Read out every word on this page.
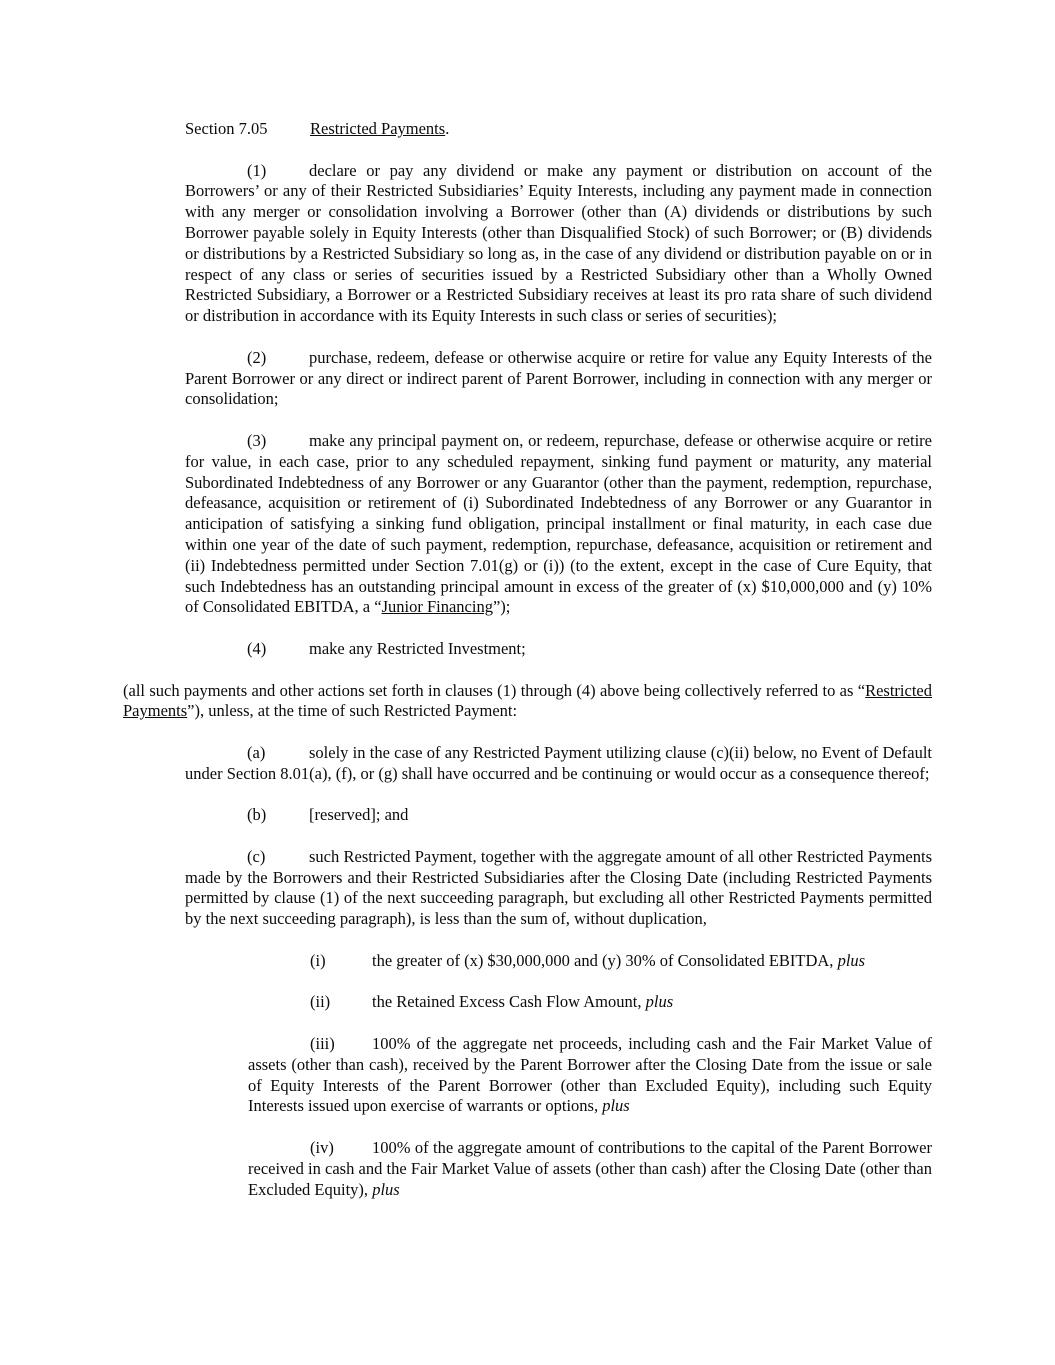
Section 7.05	Restricted Payments.

(1)	declare or pay any dividend or make any payment or distribution on account of the Borrowers’ or any of their Restricted Subsidiaries’ Equity Interests, including any payment made in connection with any merger or consolidation involving a Borrower (other than (A) dividends or distributions by such Borrower payable solely in Equity Interests (other than Disqualified Stock) of such Borrower; or (B) dividends or distributions by a Restricted Subsidiary so long as, in the case of any dividend or distribution payable on or in respect of any class or series of securities issued by a Restricted Subsidiary other than a Wholly Owned Restricted Subsidiary, a Borrower or a Restricted Subsidiary receives at least its pro rata share of such dividend or distribution in accordance with its Equity Interests in such class or series of securities);

(2)	purchase, redeem, defease or otherwise acquire or retire for value any Equity Interests of the Parent Borrower or any direct or indirect parent of Parent Borrower, including in connection with any merger or consolidation;

(3)	make any principal payment on, or redeem, repurchase, defease or otherwise acquire or retire for value, in each case, prior to any scheduled repayment, sinking fund payment or maturity, any material Subordinated Indebtedness of any Borrower or any Guarantor (other than the payment, redemption, repurchase, defeasance, acquisition or retirement of (i) Subordinated Indebtedness of any Borrower or any Guarantor in anticipation of satisfying a sinking fund obligation, principal installment or final maturity, in each case due within one year of the date of such payment, redemption, repurchase, defeasance, acquisition or retirement and (ii) Indebtedness permitted under Section 7.01(g) or (i)) (to the extent, except in the case of Cure Equity, that such Indebtedness has an outstanding principal amount in excess of the greater of (x) $10,000,000 and (y) 10% of Consolidated EBITDA, a “Junior Financing”);

(4)	make any Restricted Investment;

(all such payments and other actions set forth in clauses (1) through (4) above being collectively referred to as “Restricted Payments”), unless, at the time of such Restricted Payment:

(a)	solely in the case of any Restricted Payment utilizing clause (c)(ii) below, no Event of Default under Section 8.01(a), (f), or (g) shall have occurred and be continuing or would occur as a consequence thereof;

(b)	[reserved]; and

(c)	such Restricted Payment, together with the aggregate amount of all other Restricted Payments made by the Borrowers and their Restricted Subsidiaries after the Closing Date (including Restricted Payments permitted by clause (1) of the next succeeding paragraph, but excluding all other Restricted Payments permitted by the next succeeding paragraph), is less than the sum of, without duplication,

(i)	the greater of (x) $30,000,000 and (y) 30% of Consolidated EBITDA, plus

(ii)	the Retained Excess Cash Flow Amount, plus

(iii) 100% of the aggregate net proceeds, including cash and the Fair Market Value of assets (other than cash), received by the Parent Borrower after the Closing Date from the issue or sale of Equity Interests of the Parent Borrower (other than Excluded Equity), including such Equity Interests issued upon exercise of warrants or options, plus

(iv) 100% of the aggregate amount of contributions to the capital of the Parent Borrower received in cash and the Fair Market Value of assets (other than cash) after the Closing Date (other than Excluded Equity), plus
